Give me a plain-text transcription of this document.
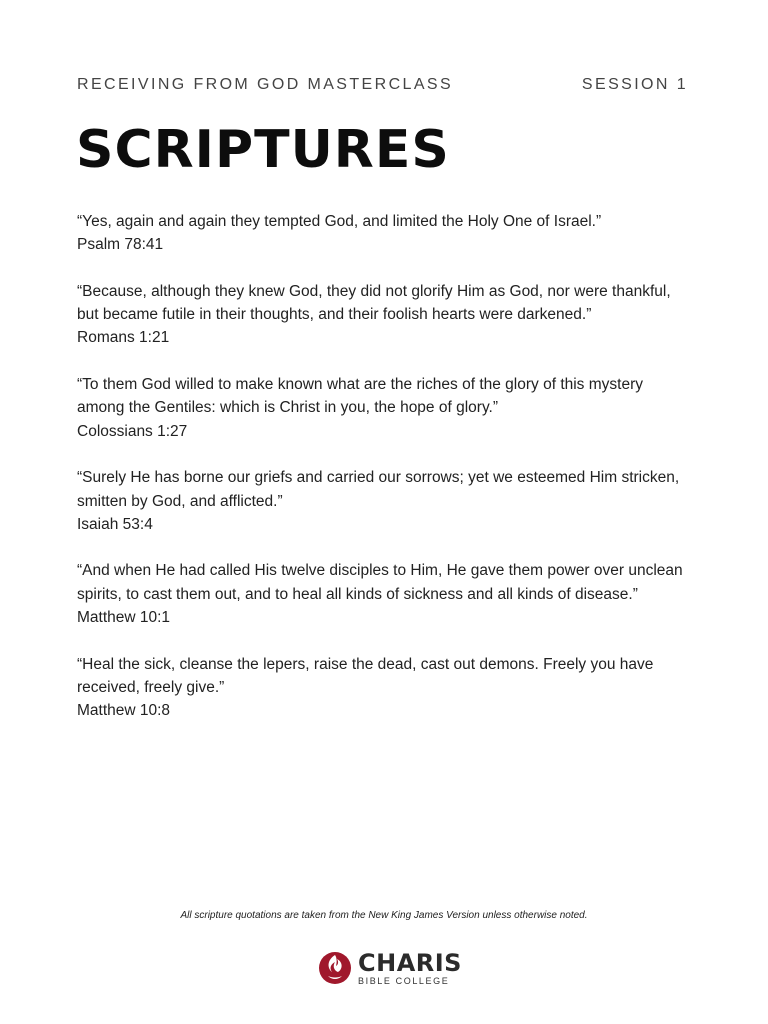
RECEIVING FROM GOD MASTERCLASS	SESSION 1
SCRIPTURES

“Yes, again and again they tempted God, and limited the Holy One of Israel.”

Psalm 78:41

“Because, although they knew God, they did not glorify Him as God, nor were thankful, but became futile in their thoughts, and their foolish hearts were darkened.”

Romans 1:21

“To them God willed to make known what are the riches of the glory of this mystery among the Gentiles: which is Christ in you, the hope of glory.”

Colossians 1:27

“Surely He has borne our griefs and carried our sorrows; yet we esteemed Him stricken, smitten by God, and afflicted.”

Isaiah 53:4

“And when He had called His twelve disciples to Him, He gave them power over unclean spirits, to cast them out, and to heal all kinds of sickness and all kinds of disease.”

Matthew 10:1

“Heal the sick, cleanse the lepers, raise the dead, cast out demons. Freely you have received, freely give.”

Matthew 10:8

All scripture quotations are taken from the New King James Version unless otherwise noted.
CHARIS
BIBLE COLLEGE
